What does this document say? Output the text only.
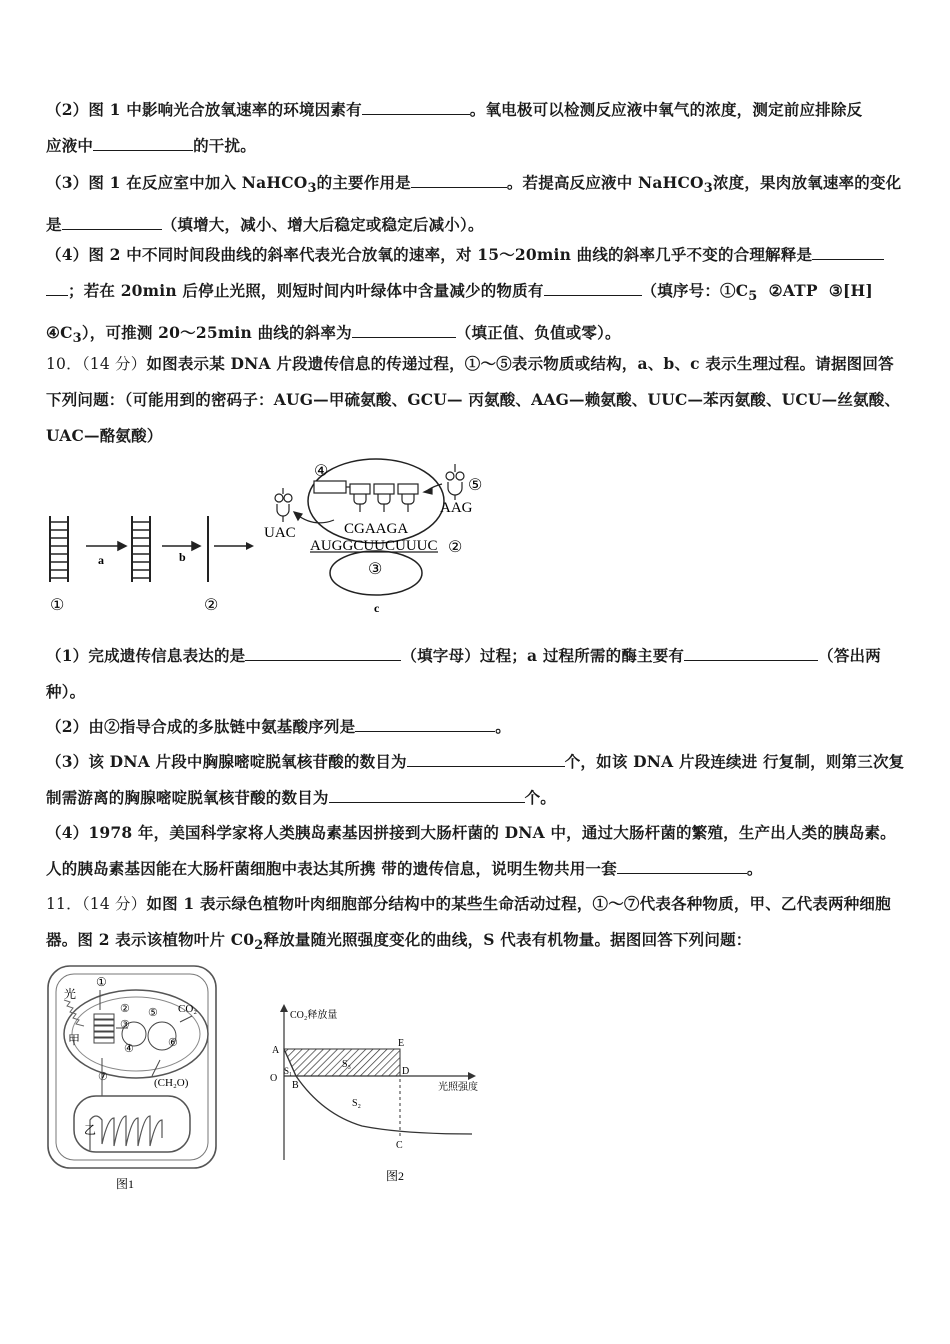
（2）图 1 中影响光合放氧速率的环境因素有	。氧电极可以检测反应液中氧气的浓度，测定前应排除反
应液中	的干扰。
（3）图 1 在反应室中加入 NaHCO$_3$的主要作用是	。若提高反应液中 NaHCO$_3$浓度，果肉放氧速率的变化
是	（填增大，减小、增大后稳定或稳定后减小）。
（4）图 2 中不同时间段曲线的斜率代表光合放氧的速率，对 15～20min 曲线的斜率几乎不变的合理解释是
；若在 20min 后停止光照，则短时间内叶绿体中含量减少的物质有	（填序号：$①C_5$  ②ATP  ③[H]
$④C_3$），可推测 20～25min 曲线的斜率为	（填正值、负值或零）。
10．（14 分）如图表示某 DNA 片段遗传信息的传递过程，①～⑤表示物质或结构，a、b、c 表示生理过程。请据图回答下列问题：（可能用到的密码子：AUG—甲硫氨酸、GCU— 丙氨酸、AAG—赖氨酸、UUC—苯丙氨酸、UCU—丝氨酸、UAC—酪氨酸）
a	b
①	②
④
UAC
⑤
AAG
CGAAGA
AUGGCUUCUUUC ②
③
c
（1）完成遗传信息表达的是	（填字母）过程；a 过程所需的酶主要有	（答出两种）。
（2）由②指导合成的多肽链中氨基酸序列是	。
（3）该 DNA 片段中胸腺嘧啶脱氧核苷酸的数目为	个，如该 DNA 片段连续进 行复制，则第三次复制需游离的胸腺嘧啶脱氧核苷酸的数目为	个。
（4）1978 年，美国科学家将人类胰岛素基因拼接到大肠杆菌的 DNA 中，通过大肠杆菌的繁殖，生产出人类的胰岛素。人的胰岛素基因能在大肠杆菌细胞中表达其所携 带的遗传信息，说明生物共用一套	。
11．（14 分）如图 1 表示绿色植物叶肉细胞部分结构中的某些生命活动过程，①～⑦代表各种物质，甲、乙代表两种细胞器。图 2 表示该植物叶片 $C0_2$释放量随光照强度变化的曲线，S 代表有机物量。据图回答下列问题：
光
①
甲
②
③
④
⑤
⑥
CO₂
(CH₂O)
⑦
乙
图1
CO₂释放量
光照强度
A
O
B
S₁
S₃
S₂
E
D
C
图2
